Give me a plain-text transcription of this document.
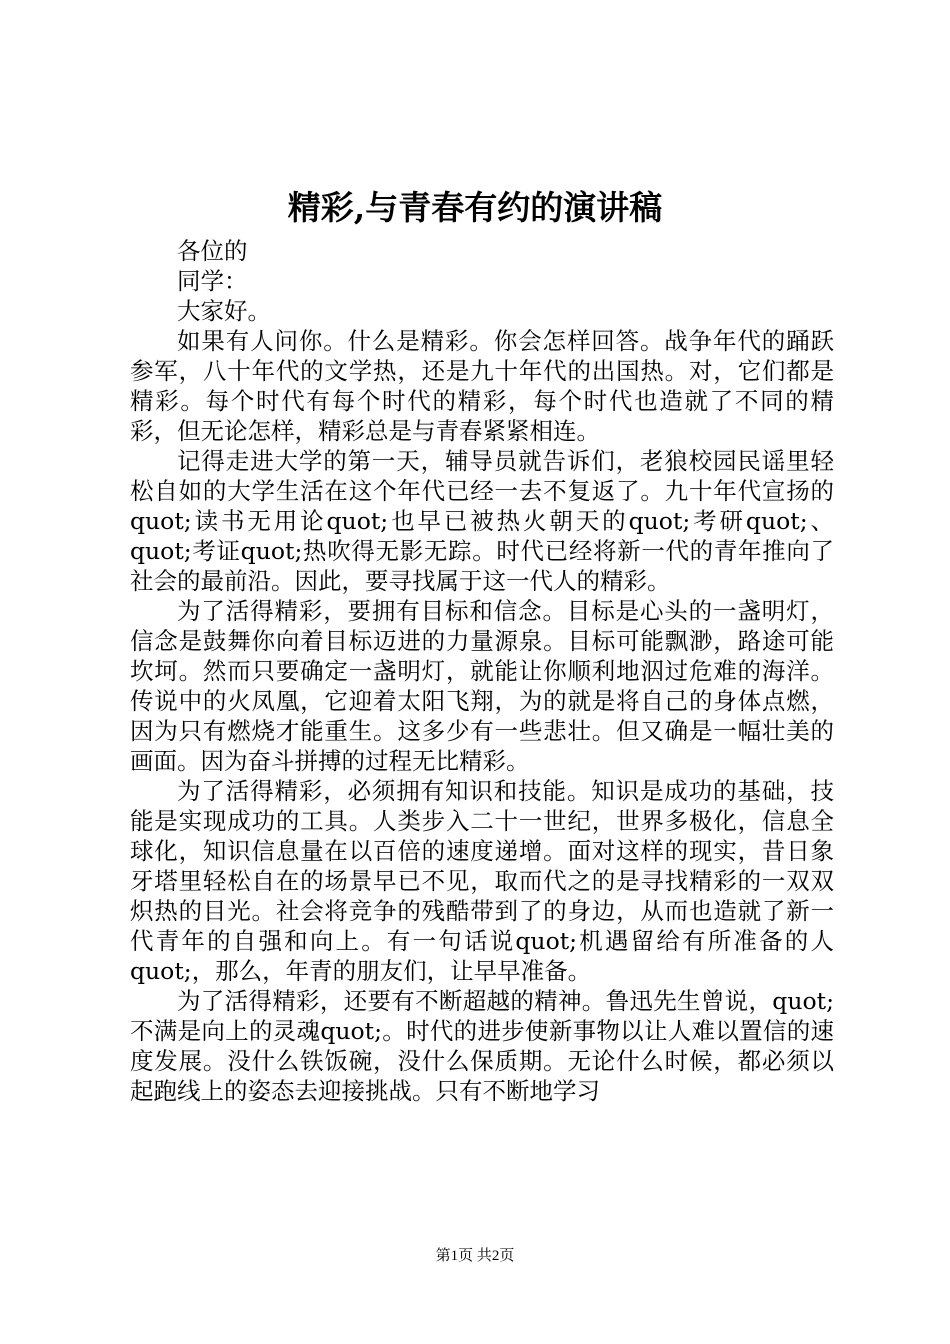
精彩,与青春有约的演讲稿

各位的

同学：

大家好。

如果有人问你。什么是精彩。你会怎样回答。战争年代的踊跃参军，八十年代的文学热，还是九十年代的出国热。对，它们都是精彩。每个时代有每个时代的精彩，每个时代也造就了不同的精彩，但无论怎样，精彩总是与青春紧紧相连。

记得走进大学的第一天，辅导员就告诉们，老狼校园民谣里轻松自如的大学生活在这个年代已经一去不复返了。九十年代宣扬的quot;读书无用论quot;也早已被热火朝天的quot;考研quot;、quot;考证quot;热吹得无影无踪。时代已经将新一代的青年推向了社会的最前沿。因此，要寻找属于这一代人的精彩。

为了活得精彩，要拥有目标和信念。目标是心头的一盏明灯，信念是鼓舞你向着目标迈进的力量源泉。目标可能飘渺，路途可能坎坷。然而只要确定一盏明灯，就能让你顺利地泅过危难的海洋。传说中的火凤凰，它迎着太阳飞翔，为的就是将自己的身体点燃，因为只有燃烧才能重生。这多少有一些悲壮。但又确是一幅壮美的画面。因为奋斗拼搏的过程无比精彩。

为了活得精彩，必须拥有知识和技能。知识是成功的基础，技能是实现成功的工具。人类步入二十一世纪，世界多极化，信息全球化，知识信息量在以百倍的速度递增。面对这样的现实，昔日象牙塔里轻松自在的场景早已不见，取而代之的是寻找精彩的一双双炽热的目光。社会将竞争的残酷带到了的身边，从而也造就了新一代青年的自强和向上。有一句话说quot;机遇留给有所准备的人quot;，那么，年青的朋友们，让早早准备。

为了活得精彩，还要有不断超越的精神。鲁迅先生曾说，quot;不满是向上的灵魂quot;。时代的进步使新事物以让人难以置信的速度发展。没什么铁饭碗，没什么保质期。无论什么时候，都必须以起跑线上的姿态去迎接挑战。只有不断地学习

第1页 共2页
